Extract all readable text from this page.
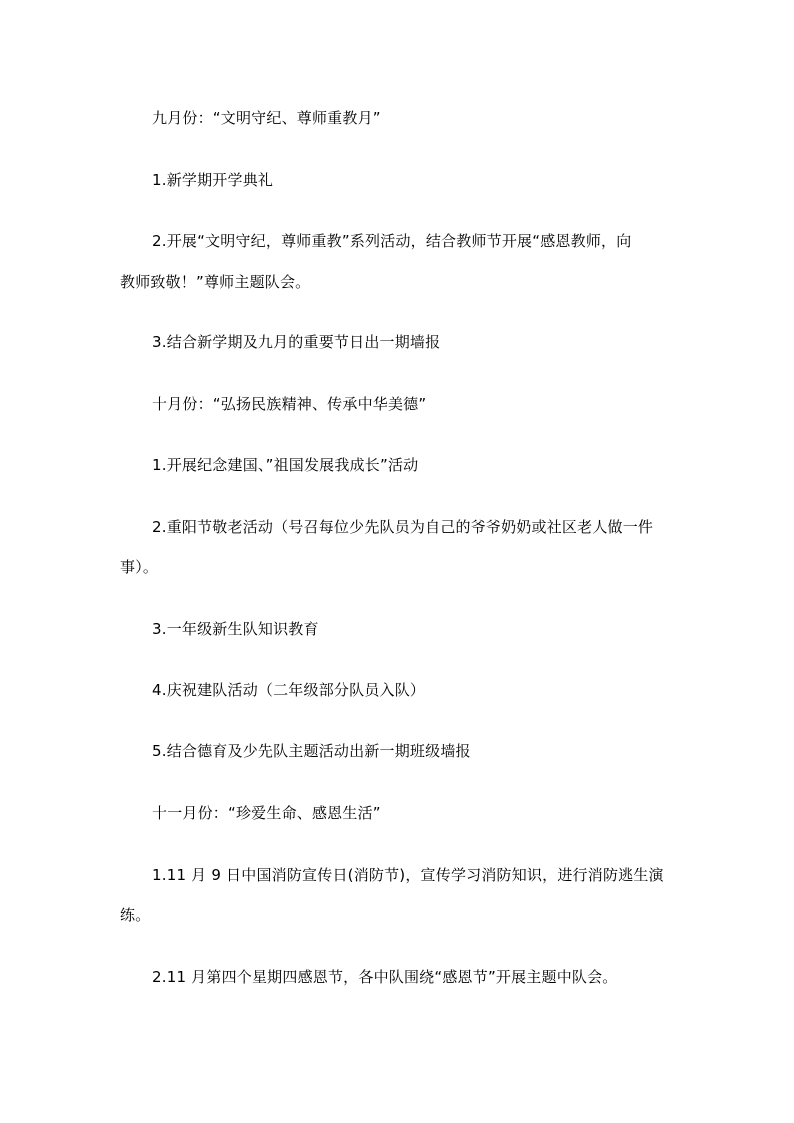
九月份：“文明守纪、尊师重教月”
1.新学期开学典礼
2.开展“文明守纪，尊师重教”系列活动，结合教师节开展“感恩教师，向
教师致敬！”尊师主题队会。
3.结合新学期及九月的重要节日出一期墙报
十月份：“弘扬民族精神、传承中华美德”
1.开展纪念建国、”祖国发展我成长”活动
2.重阳节敬老活动（号召每位少先队员为自己的爷爷奶奶或社区老人做一件
事）。
3.一年级新生队知识教育
4.庆祝建队活动（二年级部分队员入队）
5.结合德育及少先队主题活动出新一期班级墙报
十一月份：“珍爱生命、感恩生活”
1.11 月 9 日中国消防宣传日(消防节)，宣传学习消防知识，进行消防逃生演
练。
2.11 月第四个星期四感恩节，各中队围绕“感恩节”开展主题中队会。
